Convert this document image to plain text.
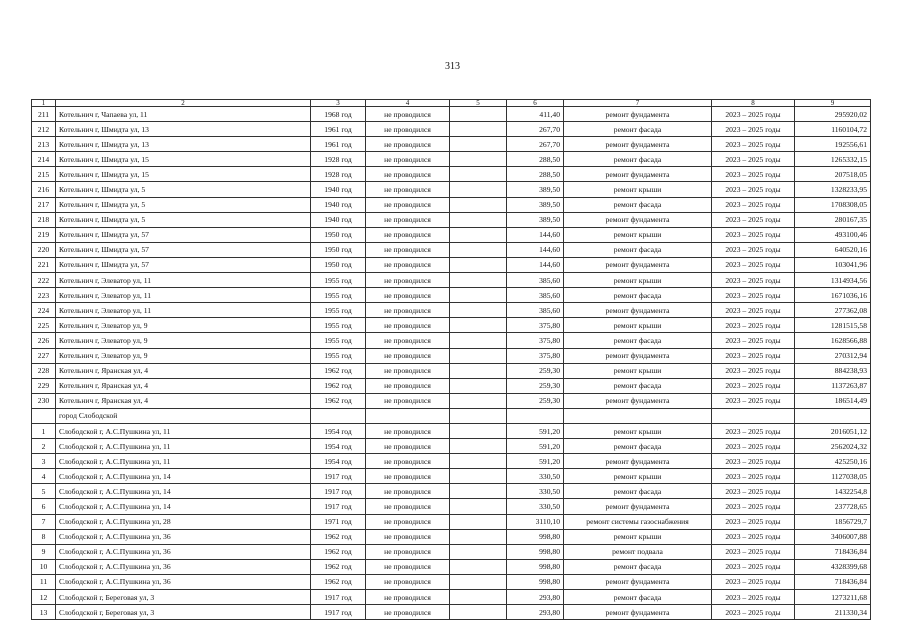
313
1	2	3	4	5	6	7	8	9
211	Котельнич г, Чапаева ул, 11	1968 год	не проводился		411,40	ремонт фундамента	2023 – 2025 годы	295920,02
212	Котельнич г, Шмидта ул, 13	1961 год	не проводился		267,70	ремонт фасада	2023 – 2025 годы	1160104,72
213	Котельнич г, Шмидта ул, 13	1961 год	не проводился		267,70	ремонт фундамента	2023 – 2025 годы	192556,61
214	Котельнич г, Шмидта ул, 15	1928 год	не проводился		288,50	ремонт фасада	2023 – 2025 годы	1265332,15
215	Котельнич г, Шмидта ул, 15	1928 год	не проводился		288,50	ремонт фундамента	2023 – 2025 годы	207518,05
216	Котельнич г, Шмидта ул, 5	1940 год	не проводился		389,50	ремонт крыши	2023 – 2025 годы	1328233,95
217	Котельнич г, Шмидта ул, 5	1940 год	не проводился		389,50	ремонт фасада	2023 – 2025 годы	1708308,05
218	Котельнич г, Шмидта ул, 5	1940 год	не проводился		389,50	ремонт фундамента	2023 – 2025 годы	280167,35
219	Котельнич г, Шмидта ул, 57	1950 год	не проводился		144,60	ремонт крыши	2023 – 2025 годы	493100,46
220	Котельнич г, Шмидта ул, 57	1950 год	не проводился		144,60	ремонт фасада	2023 – 2025 годы	640520,16
221	Котельнич г, Шмидта ул, 57	1950 год	не проводился		144,60	ремонт фундамента	2023 – 2025 годы	103041,96
222	Котельнич г, Элеватор ул, 11	1955 год	не проводился		385,60	ремонт крыши	2023 – 2025 годы	1314934,56
223	Котельнич г, Элеватор ул, 11	1955 год	не проводился		385,60	ремонт фасада	2023 – 2025 годы	1671036,16
224	Котельнич г, Элеватор ул, 11	1955 год	не проводился		385,60	ремонт фундамента	2023 – 2025 годы	277362,08
225	Котельнич г, Элеватор ул, 9	1955 год	не проводился		375,80	ремонт крыши	2023 – 2025 годы	1281515,58
226	Котельнич г, Элеватор ул, 9	1955 год	не проводился		375,80	ремонт фасада	2023 – 2025 годы	1628566,88
227	Котельнич г, Элеватор ул, 9	1955 год	не проводился		375,80	ремонт фундамента	2023 – 2025 годы	270312,94
228	Котельнич г, Яранская ул, 4	1962 год	не проводился		259,30	ремонт крыши	2023 – 2025 годы	884238,93
229	Котельнич г, Яранская ул, 4	1962 год	не проводился		259,30	ремонт фасада	2023 – 2025 годы	1137263,87
230	Котельнич г, Яранская ул, 4	1962 год	не проводился		259,30	ремонт фундамента	2023 – 2025 годы	186514,49
	город Слободской							
1	Слободской г, А.С.Пушкина ул, 11	1954 год	не проводился		591,20	ремонт крыши	2023 – 2025 годы	2016051,12
2	Слободской г, А.С.Пушкина ул, 11	1954 год	не проводился		591,20	ремонт фасада	2023 – 2025 годы	2562024,32
3	Слободской г, А.С.Пушкина ул, 11	1954 год	не проводился		591,20	ремонт фундамента	2023 – 2025 годы	425250,16
4	Слободской г, А.С.Пушкина ул, 14	1917 год	не проводился		330,50	ремонт крыши	2023 – 2025 годы	1127038,05
5	Слободской г, А.С.Пушкина ул, 14	1917 год	не проводился		330,50	ремонт фасада	2023 – 2025 годы	1432254,8
6	Слободской г, А.С.Пушкина ул, 14	1917 год	не проводился		330,50	ремонт фундамента	2023 – 2025 годы	237728,65
7	Слободской г, А.С.Пушкина ул, 28	1971 год	не проводился		3110,10	ремонт системы газоснабжения	2023 – 2025 годы	1856729,7
8	Слободской г, А.С.Пушкина ул, 36	1962 год	не проводился		998,80	ремонт крыши	2023 – 2025 годы	3406007,88
9	Слободской г, А.С.Пушкина ул, 36	1962 год	не проводился		998,80	ремонт подвала	2023 – 2025 годы	718436,84
10	Слободской г, А.С.Пушкина ул, 36	1962 год	не проводился		998,80	ремонт фасада	2023 – 2025 годы	4328399,68
11	Слободской г, А.С.Пушкина ул, 36	1962 год	не проводился		998,80	ремонт фундамента	2023 – 2025 годы	718436,84
12	Слободской г, Береговая ул, 3	1917 год	не проводился		293,80	ремонт фасада	2023 – 2025 годы	1273211,68
13	Слободской г, Береговая ул, 3	1917 год	не проводился		293,80	ремонт фундамента	2023 – 2025 годы	211330,34
